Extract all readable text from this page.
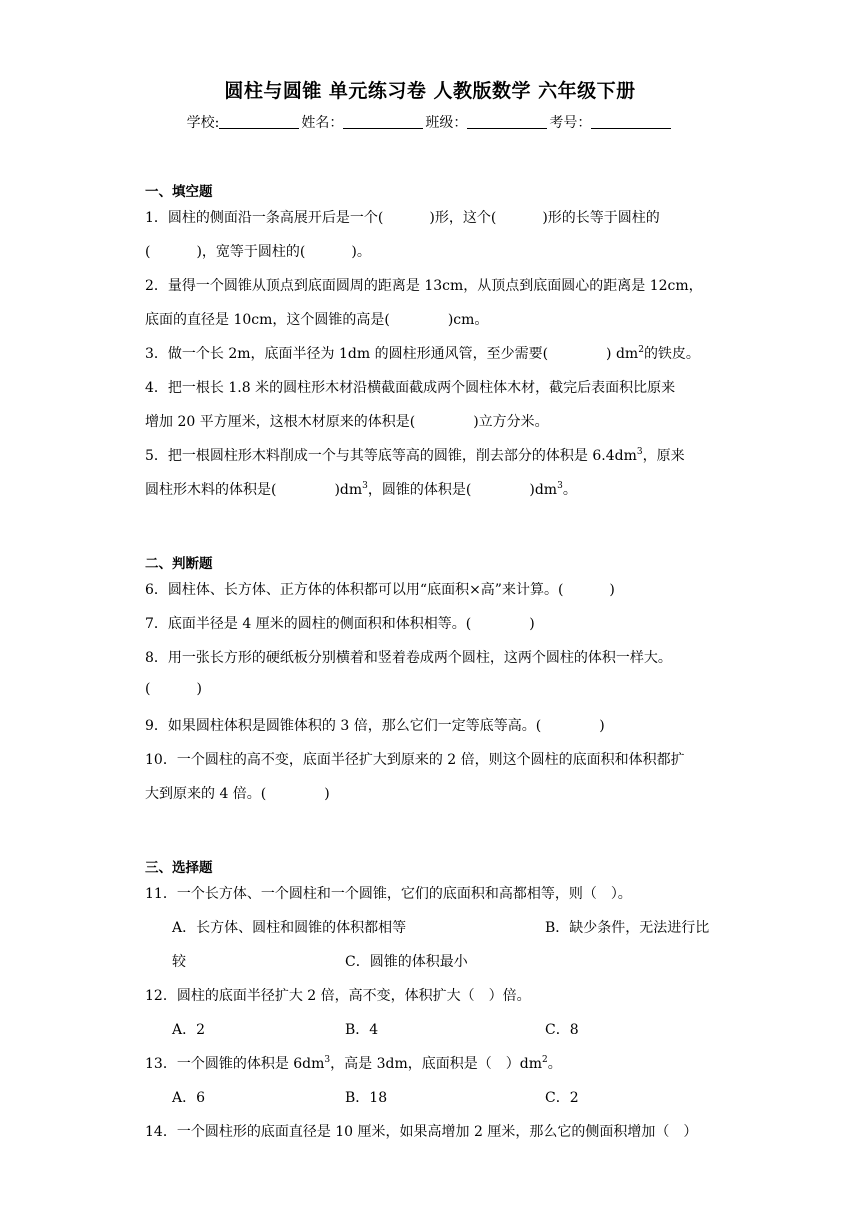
圆柱与圆锥 单元练习卷 人教版数学 六年级下册
学校:	姓名：	班级：	考号：
一、填空题
1．圆柱的侧面沿一条高展开后是一个(	)形，这个(	)形的长等于圆柱的
(	)，宽等于圆柱的(	)。
2．量得一个圆锥从顶点到底面圆周的距离是 13cm，从顶点到底面圆心的距离是 12cm，
底面的直径是 10cm，这个圆锥的高是(	)cm。
3．做一个长 2m，底面半径为 1dm 的圆柱形通风管，至少需要(	) $dm^2$的铁皮。
4．把一根长 1.8 米的圆柱形木材沿横截面截成两个圆柱体木材，截完后表面积比原来
增加 20 平方厘米，这根木材原来的体积是(	)立方分米。
5．把一根圆柱形木料削成一个与其等底等高的圆锥，削去部分的体积是 $6.4dm^3$，原来
圆柱形木料的体积是(	)$dm^3$，圆锥的体积是(	)$dm^3$。
二、判断题
6．圆柱体、长方体、正方体的体积都可以用“底面积×高”来计算。(	)
7．底面半径是 4 厘米的圆柱的侧面积和体积相等。(	)
8．用一张长方形的硬纸板分别横着和竖着卷成两个圆柱，这两个圆柱的体积一样大。
(	)
9．如果圆柱体积是圆锥体积的 3 倍，那么它们一定等底等高。(	)
10．一个圆柱的高不变，底面半径扩大到原来的 2 倍，则这个圆柱的底面积和体积都扩
大到原来的 4 倍。(	)
三、选择题
11．一个长方体、一个圆柱和一个圆锥，它们的底面积和高都相等，则（　）。
A．长方体、圆柱和圆锥的体积都相等	B．缺少条件，无法进行比
较	C．圆锥的体积最小
12．圆柱的底面半径扩大 2 倍，高不变，体积扩大（　）倍。
A．2	B．4	C．8
13．一个圆锥的体积是 $6dm^3$，高是 3dm，底面积是（　）$dm^2$。
A．6	B．18	C．2
14．一个圆柱形的底面直径是 10 厘米，如果高增加 2 厘米，那么它的侧面积增加（　）
